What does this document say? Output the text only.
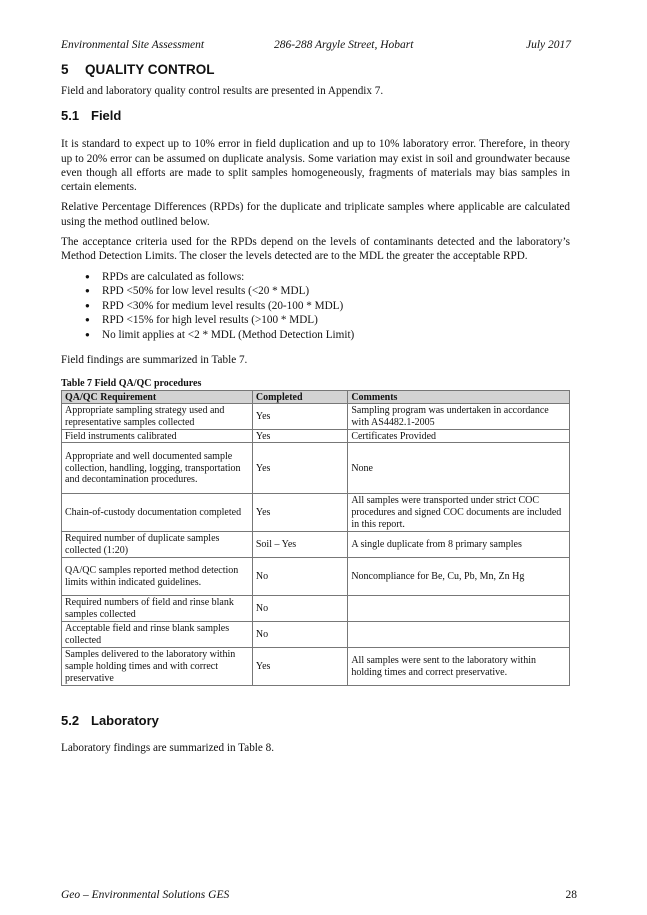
Environmental Site Assessment	286-288 Argyle Street, Hobart	July 2017
5 QUALITY CONTROL

Field and laboratory quality control results are presented in Appendix 7.

5.1 Field

It is standard to expect up to 10% error in field duplication and up to 10% laboratory error. Therefore, in theory up to 20% error can be assumed on duplicate analysis. Some variation may exist in soil and groundwater because even though all efforts are made to split samples homogeneously, fragments of materials may bias samples in certain elements.

Relative Percentage Differences (RPDs) for the duplicate and triplicate samples where applicable are calculated using the method outlined below.

The acceptance criteria used for the RPDs depend on the levels of contaminants detected and the laboratory’s Method Detection Limits. The closer the levels detected are to the MDL the greater the acceptable RPD.

● RPDs are calculated as follows:
● RPD <50% for low level results (<20 * MDL)
● RPD <30% for medium level results (20-100 * MDL)
● RPD <15% for high level results (>100 * MDL)
● No limit applies at <2 * MDL (Method Detection Limit)

Field findings are summarized in Table 7.

Table 7 Field QA/QC procedures
QA/QC Requirement	Completed	Comments
Appropriate sampling strategy used and representative samples collected	Yes	Sampling program was undertaken in accordance with AS4482.1-2005
Field instruments calibrated	Yes	Certificates Provided
Appropriate and well documented sample collection, handling, logging, transportation and decontamination procedures.	Yes	None
Chain-of-custody documentation completed	Yes	All samples were transported under strict COC procedures and signed COC documents are included in this report.
Required number of duplicate samples collected (1:20)	Soil – Yes	A single duplicate from 8 primary samples
QA/QC samples reported method detection limits within indicated guidelines.	No	Noncompliance for Be, Cu, Pb, Mn, Zn Hg
Required numbers of field and rinse blank samples collected	No	
Acceptable field and rinse blank samples collected	No	
Samples delivered to the laboratory within sample holding times and with correct preservative	Yes	All samples were sent to the laboratory within holding times and correct preservative.
5.2 Laboratory

Laboratory findings are summarized in Table 8.

Geo – Environmental Solutions GES	28
